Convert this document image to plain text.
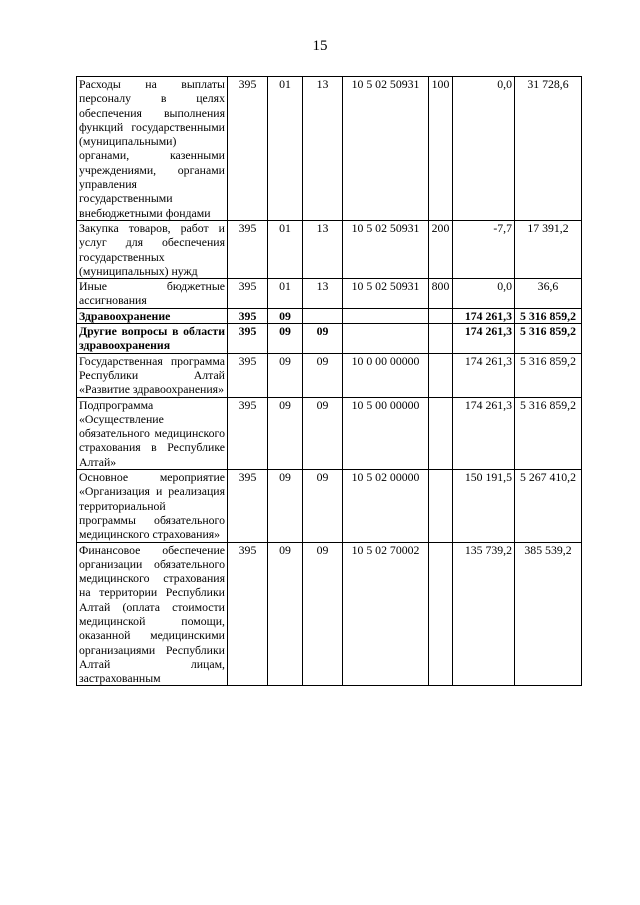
15
Расходы на выплаты персоналу в целях обеспечения выполнения функций государственными (муниципальными) органами, казенными учреждениями, органами управления государственными внебюджетными фондами	395	01	13	10 5 02 50931	100	0,0	31 728,6
Закупка товаров, работ и услуг для обеспечения государственных (муниципальных) нужд	395	01	13	10 5 02 50931	200	-7,7	17 391,2
Иные бюджетные ассигнования	395	01	13	10 5 02 50931	800	0,0	36,6
Здравоохранение	395	09				174 261,3	5 316 859,2
Другие вопросы в области здравоохранения	395	09	09			174 261,3	5 316 859,2
Государственная программа Республики Алтай «Развитие здравоохранения»	395	09	09	10 0 00 00000		174 261,3	5 316 859,2
Подпрограмма «Осуществление обязательного медицинского страхования в Республике Алтай»	395	09	09	10 5 00 00000		174 261,3	5 316 859,2
Основное мероприятие «Организация и реализация территориальной программы обязательного медицинского страхования»	395	09	09	10 5 02 00000		150 191,5	5 267 410,2
Финансовое обеспечение организации обязательного медицинского страхования на территории Республики Алтай (оплата стоимости медицинской помощи, оказанной медицинскими организациями Республики Алтай лицам, застрахованным	395	09	09	10 5 02 70002		135 739,2	385 539,2
